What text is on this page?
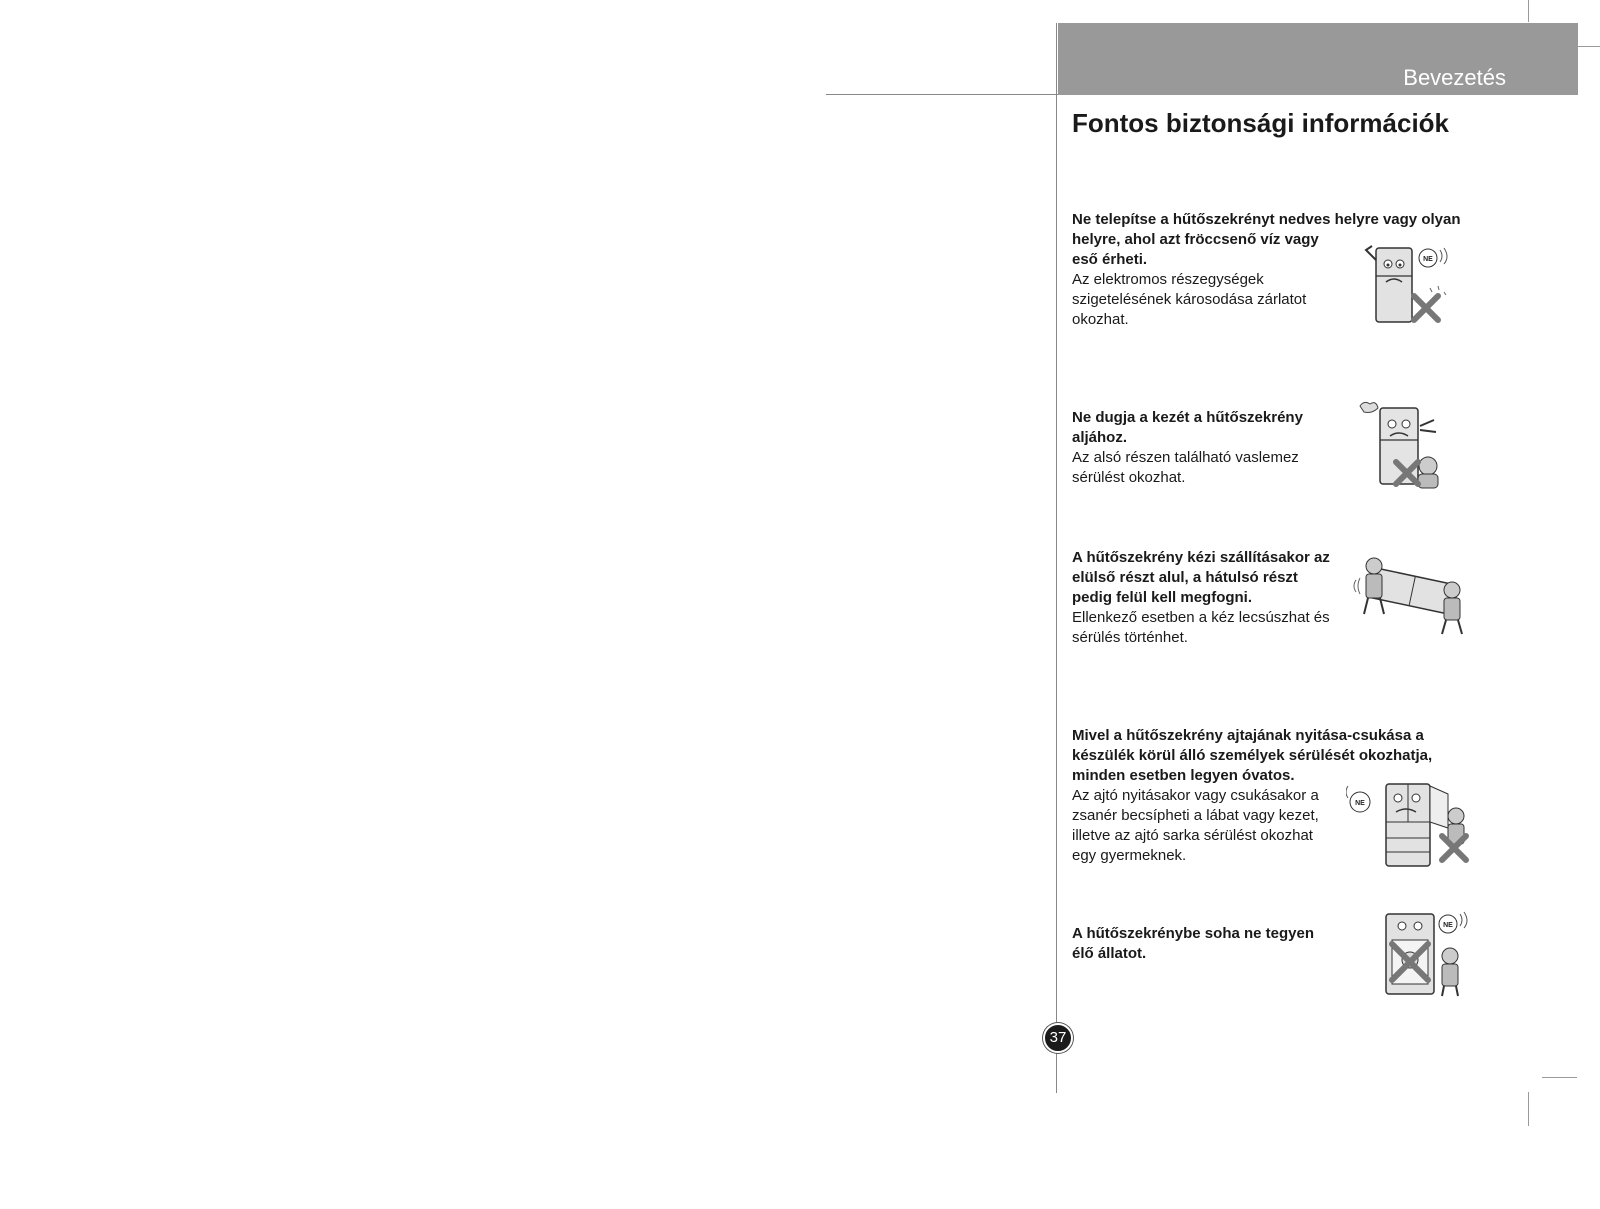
Bevezetés
Fontos biztonsági információk

Ne telepítse a hűtőszekrényt nedves helyre vagy olyan
helyre, ahol azt fröccsenő víz vagy
eső érheti.

Az elektromos részegységek
szigetelésének károsodása zárlatot
okozhat.

NE

Ne dugja a kezét a hűtőszekrény
aljához.

Az alsó részen található vaslemez
sérülést okozhat.

A hűtőszekrény kézi szállításakor az
elülső részt alul, a hátulsó részt
pedig felül kell megfogni.

Ellenkező esetben a kéz lecsúszhat és
sérülés történhet.

Mivel a hűtőszekrény ajtajának nyitása-csukása a
készülék körül álló személyek sérülését okozhatja,
minden esetben legyen óvatos.

Az ajtó nyitásakor vagy csukásakor a
zsanér becsípheti a lábat vagy kezet,
illetve az ajtó sarka sérülést okozhat
egy gyermeknek.

NE

A hűtőszekrénybe soha ne tegyen
élő állatot.

NE
37
